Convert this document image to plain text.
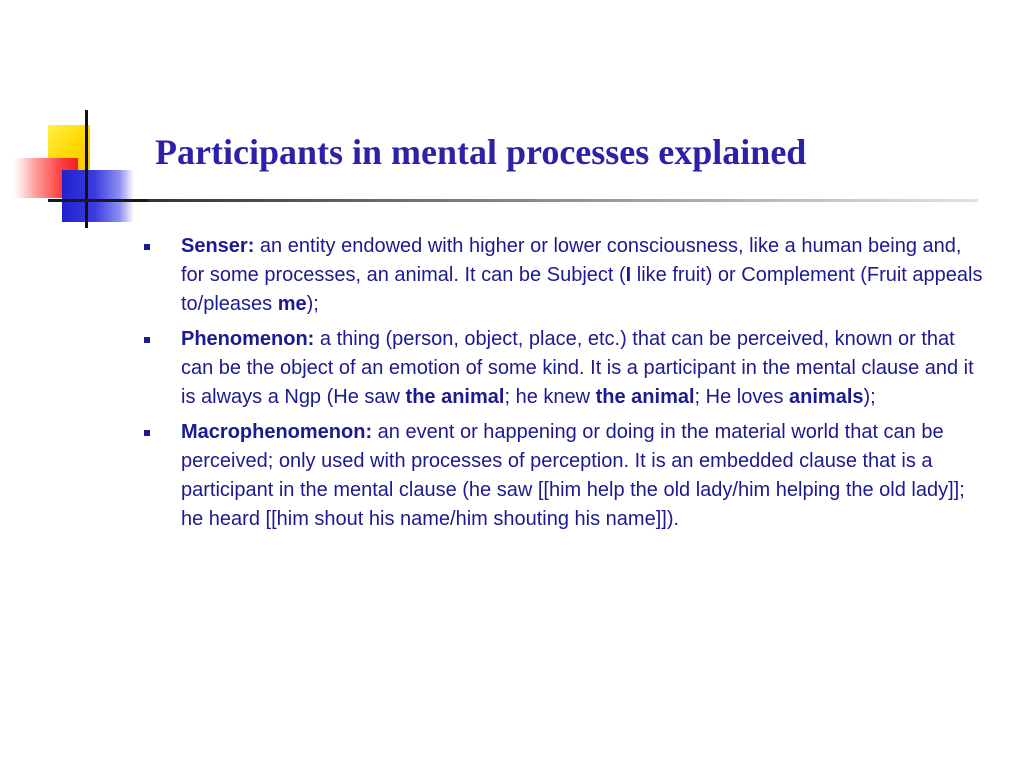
Participants in mental processes explained
Senser: an entity endowed with higher or lower consciousness, like a human being and, for some processes, an animal. It can be Subject (I like fruit) or Complement (Fruit appeals to/pleases me);
Phenomenon: a thing (person, object, place, etc.) that can be perceived, known or that can be the object of an emotion of some kind. It is a participant in the mental clause and it is always a Ngp (He saw the animal; he knew the animal; He loves animals);
Macrophenomenon: an event or happening or doing in the material world that can be perceived; only used with processes of perception. It is an embedded clause that is a participant in the mental clause (he saw [[him help the old lady/him helping the old lady]]; he heard [[him shout his name/him shouting his name]]).
